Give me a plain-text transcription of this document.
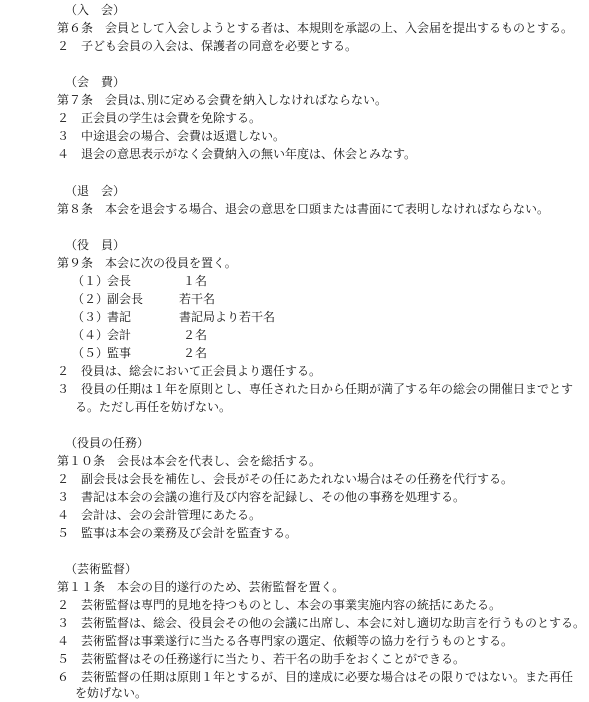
（入　会）
第６条　会員として入会しようとする者は、本規則を承認の上、入会届を提出するものとする。
２　子ども会員の入会は、保護者の同意を必要とする。
（会　費）
第７条　会員は､別に定める会費を納入しなければならない。
２　正会員の学生は会費を免除する。
３　中途退会の場合、会費は返還しない。
４　退会の意思表示がなく会費納入の無い年度は、休会とみなす。
（退　会）
第８条　本会を退会する場合、退会の意思を口頭または書面にて表明しなければならない。
（役　員）
第９条　本会に次の役員を置く。
（１）
会長	１名
（２）
副会長	若干名
（３）
書記	書記局より若干名
（４）
会計	２名
（５）
監事	２名
２　役員は、総会において正会員より選任する。
３　役員の任期は１年を原則とし、専任された日から任期が満了する年の総会の開催日までとす
る。ただし再任を妨げない。
（役員の任務）
第１０条　会長は本会を代表し、会を総括する。
２　副会長は会長を補佐し、会長がその任にあたれない場合はその任務を代行する。
３　書記は本会の会議の進行及び内容を記録し、その他の事務を処理する。
４　会計は、会の会計管理にあたる。
５　監事は本会の業務及び会計を監査する。
（芸術監督）
第１１条　本会の目的遂行のため、芸術監督を置く。
２　芸術監督は専門的見地を持つものとし、本会の事業実施内容の統括にあたる。
３　芸術監督は、総会、役員会その他の会議に出席し、本会に対し適切な助言を行うものとする。
４　芸術監督は事業遂行に当たる各専門家の選定、依頼等の協力を行うものとする。
５　芸術監督はその任務遂行に当たり、若干名の助手をおくことができる。
６　芸術監督の任期は原則１年とするが、目的達成に必要な場合はその限りではない。また再任
を妨げない。
